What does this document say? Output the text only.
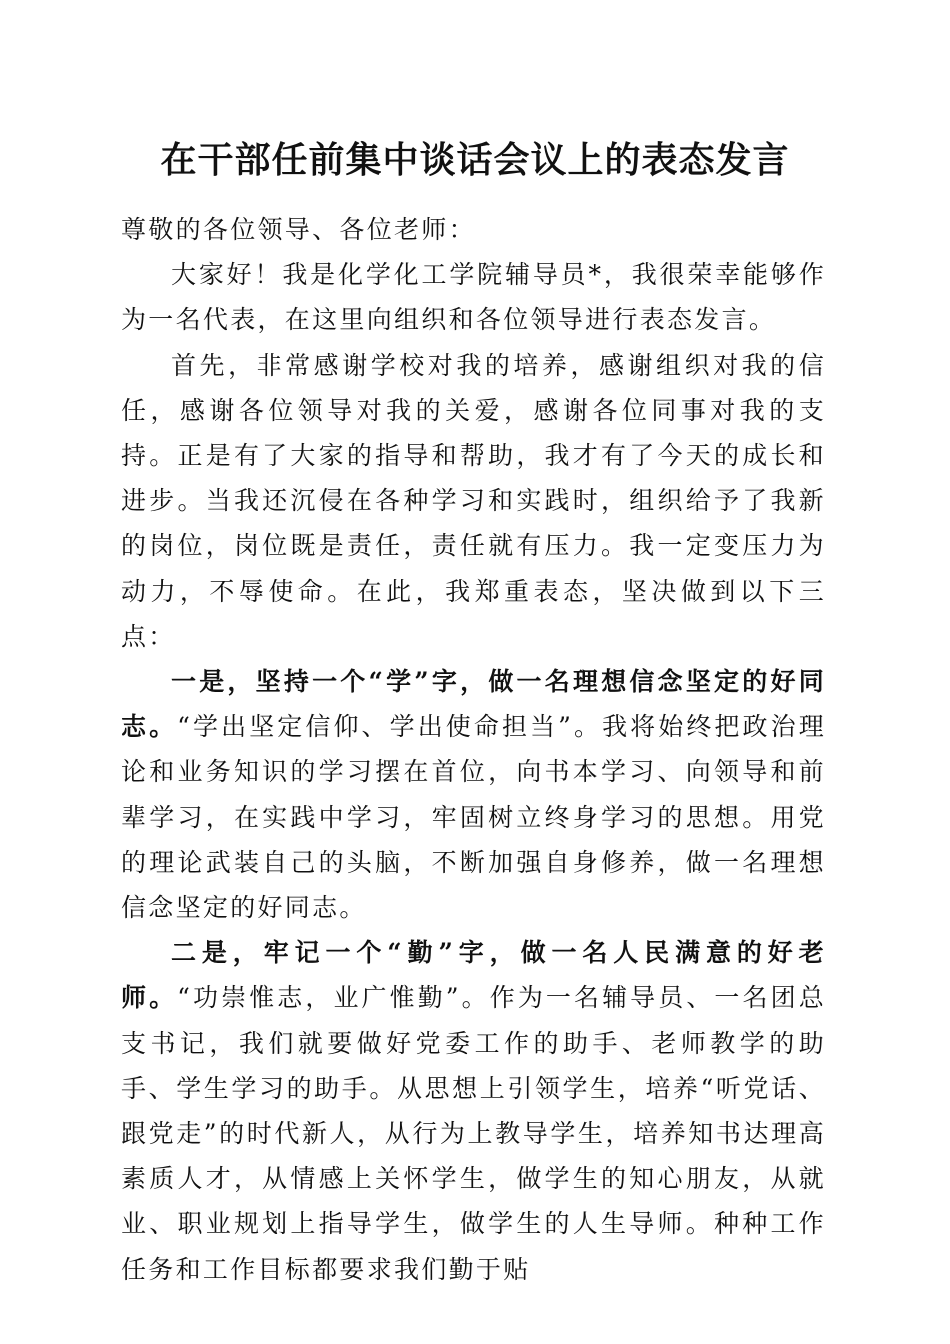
在干部任前集中谈话会议上的表态发言

尊敬的各位领导、各位老师：

大家好！我是化学化工学院辅导员*，我很荣幸能够作为一名代表，在这里向组织和各位领导进行表态发言。

首先，非常感谢学校对我的培养，感谢组织对我的信任，感谢各位领导对我的关爱，感谢各位同事对我的支持。正是有了大家的指导和帮助，我才有了今天的成长和进步。当我还沉侵在各种学习和实践时，组织给予了我新的岗位，岗位既是责任，责任就有压力。我一定变压力为动力，不辱使命。在此，我郑重表态，坚决做到以下三点：

一是，坚持一个“学”字，做一名理想信念坚定的好同志。“学出坚定信仰、学出使命担当”。我将始终把政治理论和业务知识的学习摆在首位，向书本学习、向领导和前辈学习，在实践中学习，牢固树立终身学习的思想。用党的理论武装自己的头脑，不断加强自身修养，做一名理想信念坚定的好同志。

二是，牢记一个“勤”字，做一名人民满意的好老师。“功崇惟志，业广惟勤”。作为一名辅导员、一名团总支书记，我们就要做好党委工作的助手、老师教学的助手、学生学习的助手。从思想上引领学生，培养“听党话、跟党走”的时代新人，从行为上教导学生，培养知书达理高素质人才，从情感上关怀学生，做学生的知心朋友，从就业、职业规划上指导学生，做学生的人生导师。种种工作任务和工作目标都要求我们勤于贴
